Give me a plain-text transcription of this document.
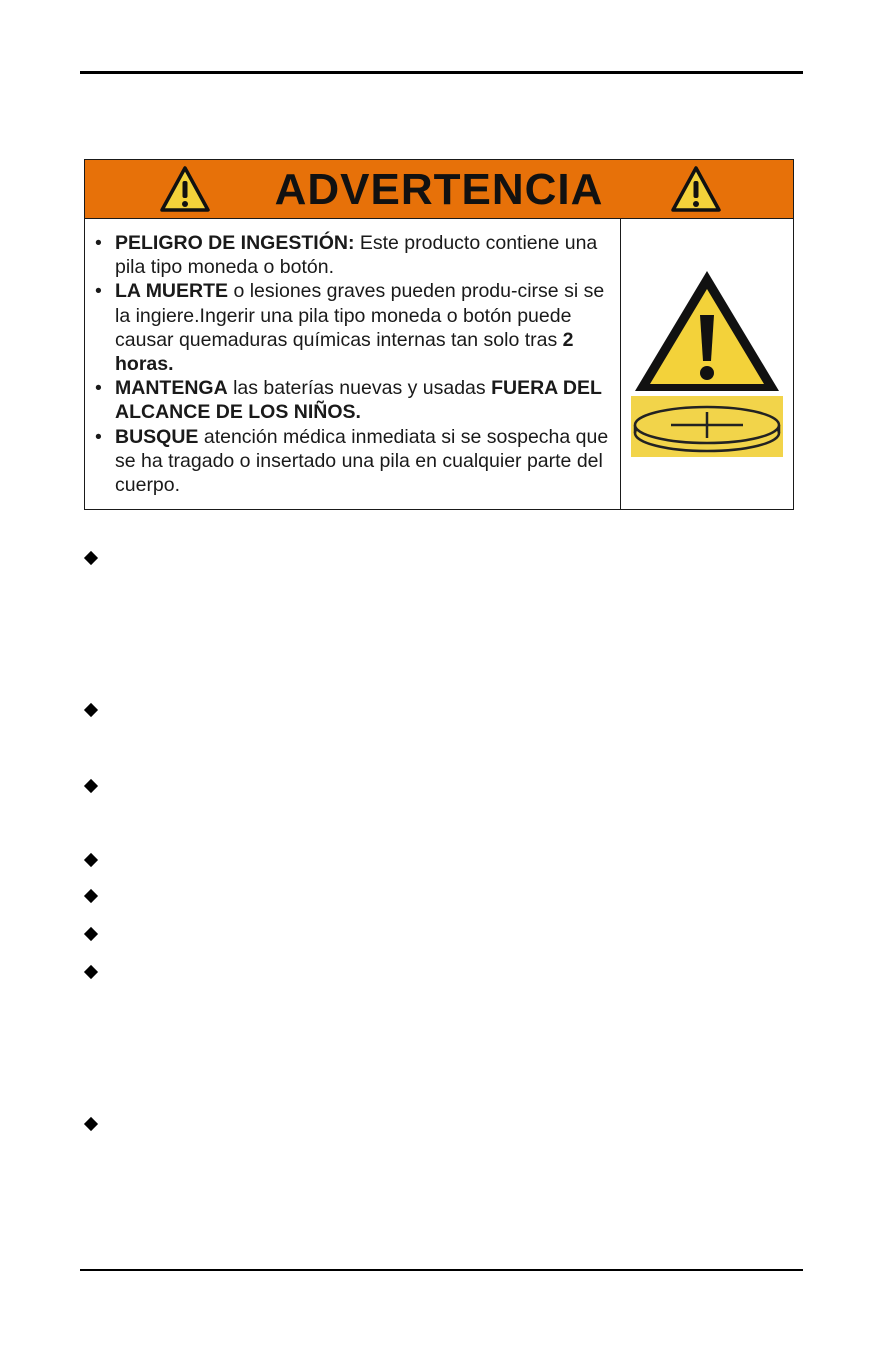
ADVERTENCIA
• PELIGRO DE INGESTIÓN: Este producto contiene una pila tipo moneda o botón.
• LA MUERTE o lesiones graves pueden produ-cirse si se la ingiere.Ingerir una pila tipo moneda o botón puede causar quemaduras químicas internas tan solo tras 2 horas.
• MANTENGA las baterías nuevas y usadas FUERA DEL ALCANCE DE LOS NIÑOS.
• BUSQUE atención médica inmediata si se sospecha que se ha tragado o insertado una pila en cualquier parte del cuerpo.
